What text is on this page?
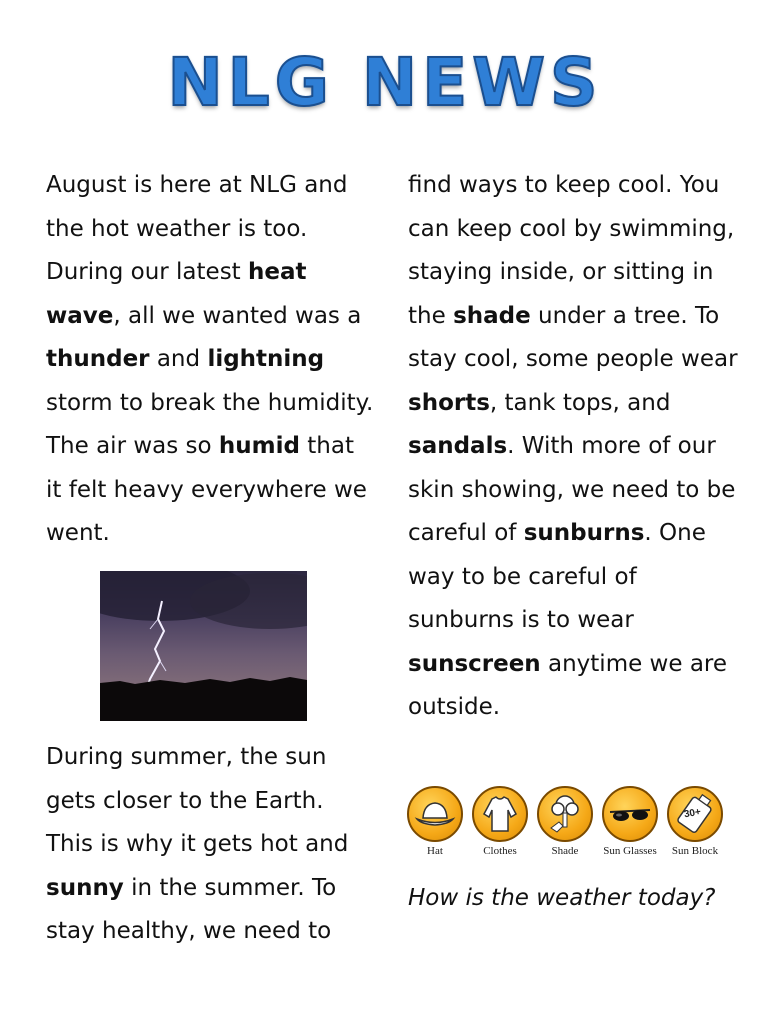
NLG NEWS

August is here at NLG and the hot weather is too. During our latest heat wave, all we wanted was a thunder and lightning storm to break the humidity. The air was so humid that it felt heavy everywhere we went.

During summer, the sun gets closer to the Earth. This is why it gets hot and sunny in the summer. To stay healthy, we need to

find ways to keep cool. You can keep cool by swimming, staying inside, or sitting in the shade under a tree. To stay cool, some people wear shorts, tank tops, and sandals. With more of our skin showing, we need to be careful of sunburns. One way to be careful of sunburns is to wear sunscreen anytime we are outside.

Hat	Clothes	Shade	Sun Glasses
30+
Sun Block
How is the weather today?
